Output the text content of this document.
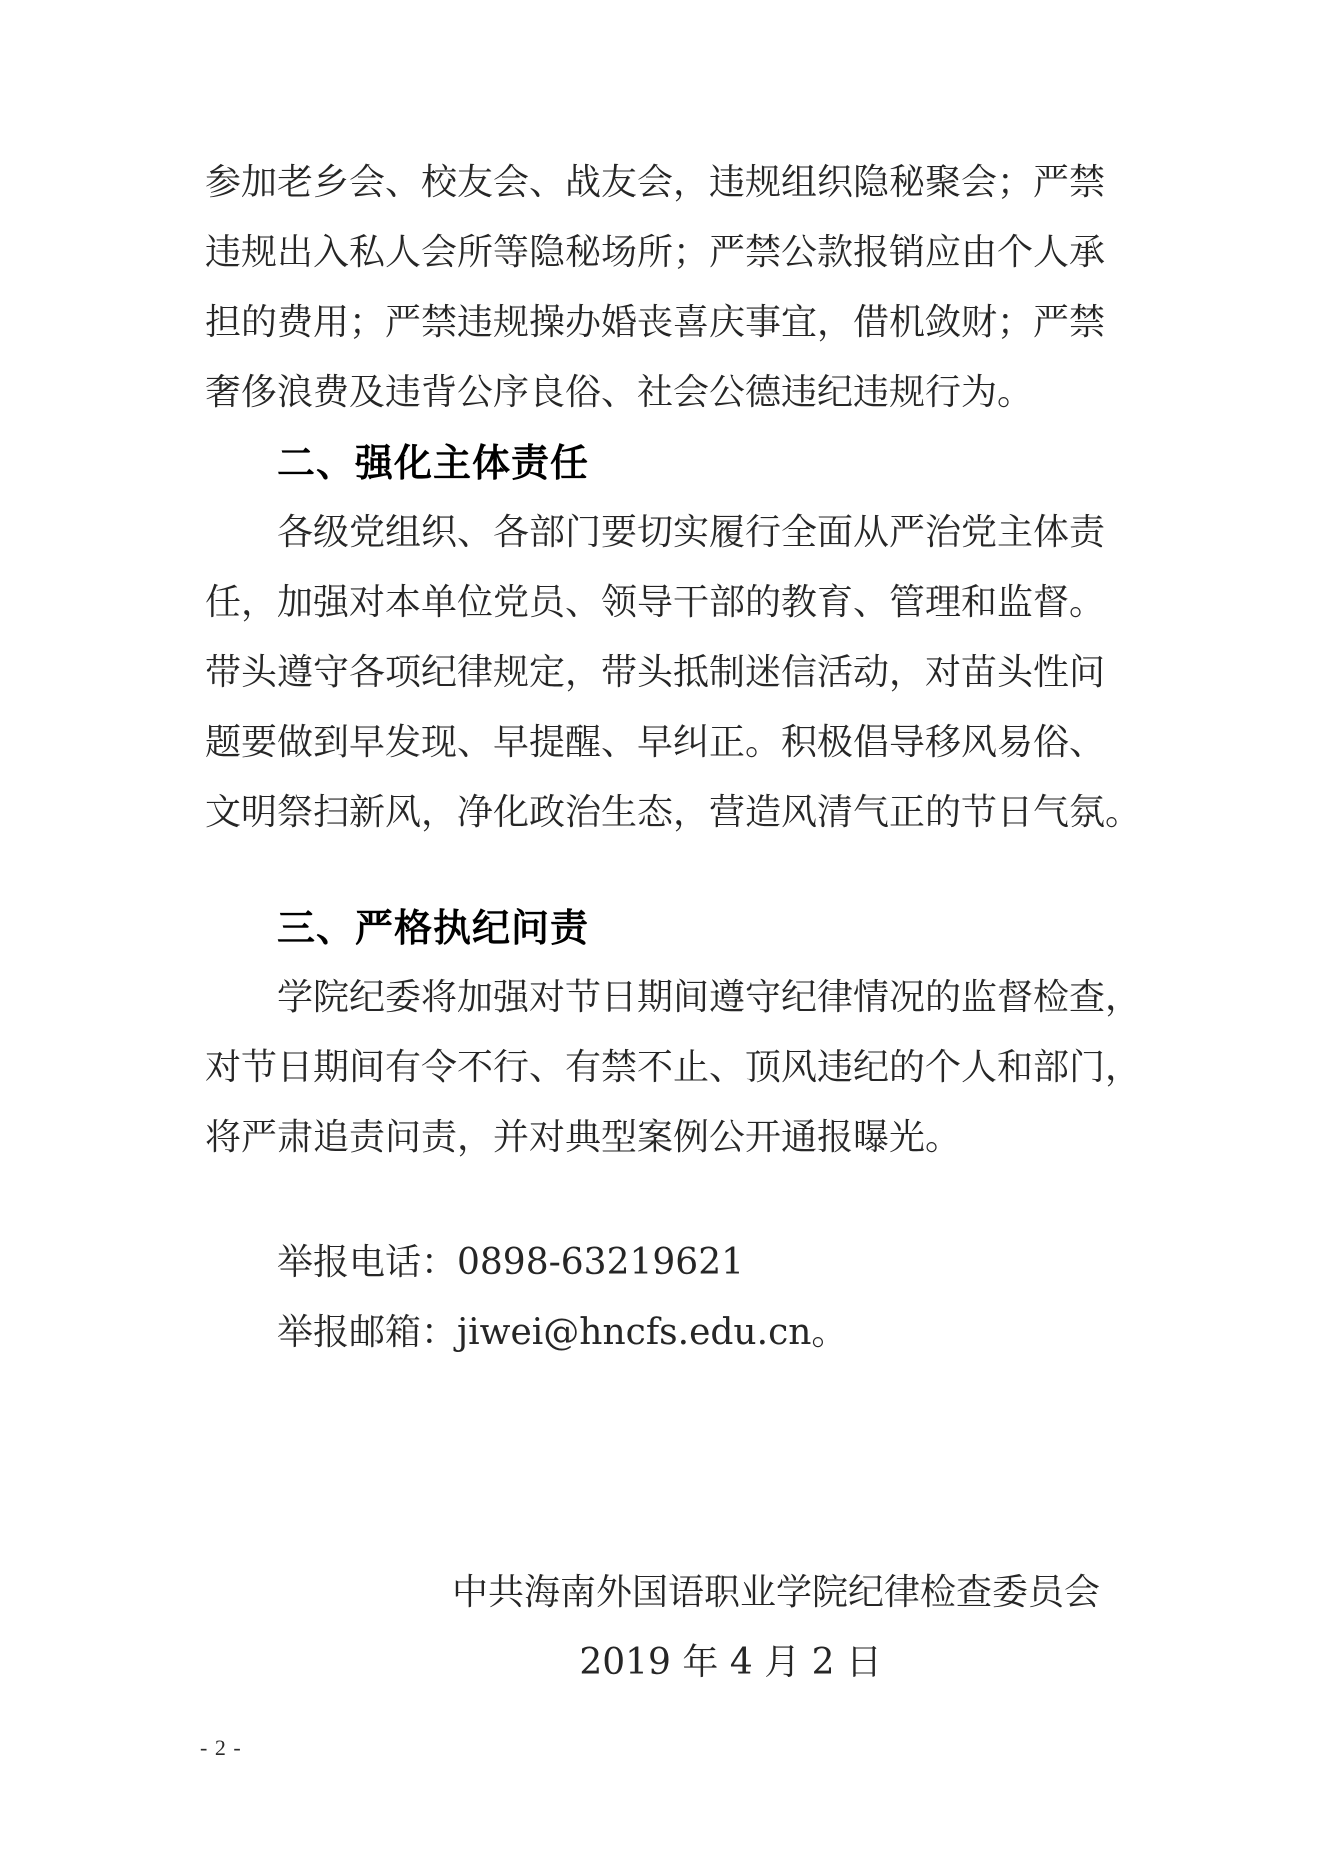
参加老乡会、校友会、战友会，违规组织隐秘聚会；严禁
违规出入私人会所等隐秘场所；严禁公款报销应由个人承
担的费用；严禁违规操办婚丧喜庆事宜，借机敛财；严禁
奢侈浪费及违背公序良俗、社会公德违纪违规行为。
二、强化主体责任
各级党组织、各部门要切实履行全面从严治党主体责
任，加强对本单位党员、领导干部的教育、管理和监督。
带头遵守各项纪律规定，带头抵制迷信活动，对苗头性问
题要做到早发现、早提醒、早纠正。积极倡导移风易俗、
文明祭扫新风，净化政治生态，营造风清气正的节日气氛。
三、严格执纪问责
学院纪委将加强对节日期间遵守纪律情况的监督检查，
对节日期间有令不行、有禁不止、顶风违纪的个人和部门，
将严肃追责问责，并对典型案例公开通报曝光。
举报电话：0898-63219621
举报邮箱：jiwei@hncfs.edu.cn。
中共海南外国语职业学院纪律检查委员会
2019 年 4 月 2 日
- 2 -
